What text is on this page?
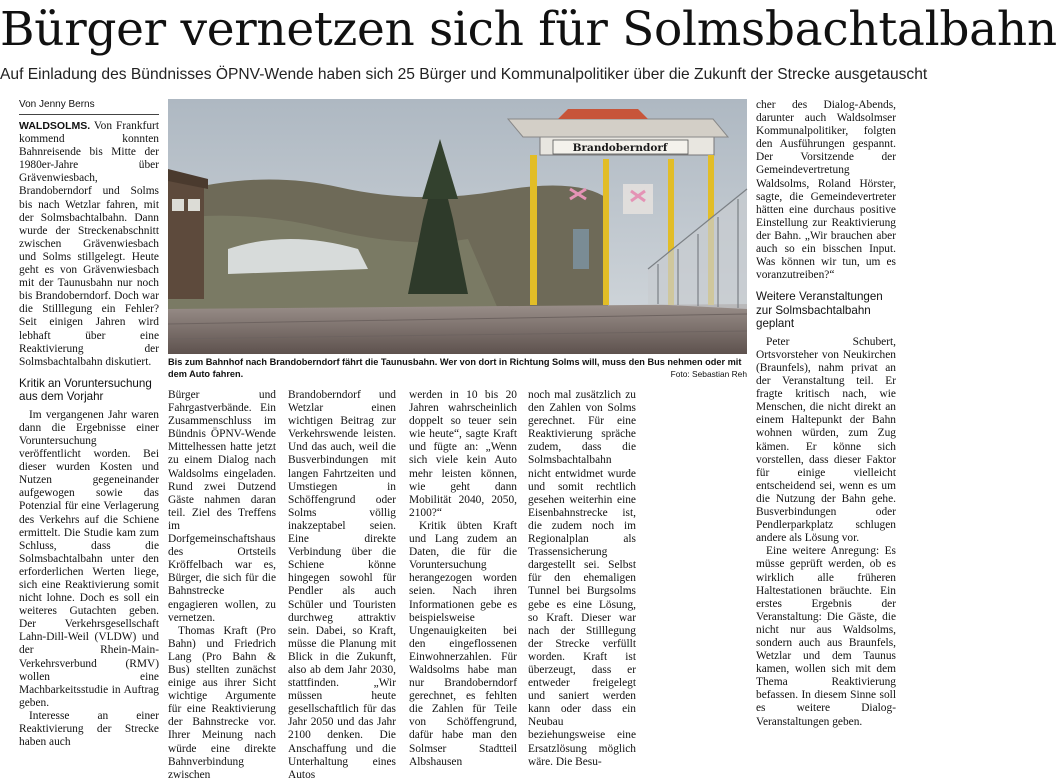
Bürger vernetzen sich für Solmsbachtalbahn
Auf Einladung des Bündnisses ÖPNV-Wende haben sich 25 Bürger und Kommunalpolitiker über die Zukunft der Strecke ausgetauscht
Von Jenny Berns

WALDSOLMS. Von Frankfurt kommend konnten Bahnreisende bis Mitte der 1980er-Jahre über Grävenwiesbach, Brandoberndorf und Solms bis nach Wetzlar fahren, mit der Solmsbachtalbahn. Dann wurde der Streckenabschnitt zwischen Grävenwiesbach und Solms stillgelegt. Heute geht es von Grävenwiesbach mit der Taunusbahn nur noch bis Brandoberndorf. Doch war die Stilllegung ein Fehler? Seit einigen Jahren wird lebhaft über eine Reaktivierung der Solmsbachtalbahn diskutiert.

Kritik an Voruntersuchung aus dem Vorjahr

Im vergangenen Jahr waren dann die Ergebnisse einer Voruntersuchung veröffentlicht worden. Bei dieser wurden Kosten und Nutzen gegeneinander aufgewogen sowie das Potenzial für eine Verlagerung des Verkehrs auf die Schiene ermittelt. Die Studie kam zum Schluss, dass die Solmsbachtalbahn unter den erforderlichen Werten liege, sich eine Reaktivierung somit nicht lohne. Doch es soll ein weiteres Gutachten geben. Der Verkehrsgesellschaft Lahn-Dill-Weil (VLDW) und der Rhein-Main-Verkehrsverbund (RMV) wollen eine Machbarkeitsstudie in Auftrag geben.

Interesse an einer Reaktivierung der Strecke haben auch

Brandoberndorf
Bis zum Bahnhof nach Brandoberndorf fährt die Taunusbahn. Wer von dort in Richtung Solms will, muss den Bus nehmen oder mit dem Auto fahren.	Foto: Sebastian Reh

Bürger und Fahrgastverbände. Ein Zusammenschluss im Bündnis ÖPNV-Wende Mittelhessen hatte jetzt zu einem Dialog nach Waldsolms eingeladen. Rund zwei Dutzend Gäste nahmen daran teil. Ziel des Treffens im Dorfgemeinschaftshaus des Ortsteils Kröffelbach war es, Bürger, die sich für die Bahnstrecke engagieren wollen, zu vernetzen.

Thomas Kraft (Pro Bahn) und Friedrich Lang (Pro Bahn & Bus) stellten zunächst einige aus ihrer Sicht wichtige Argumente für eine Reaktivierung der Bahnstrecke vor. Ihrer Meinung nach würde eine direkte Bahnverbindung zwischen

Brandoberndorf und Wetzlar einen wichtigen Beitrag zur Verkehrswende leisten. Und das auch, weil die Busverbindungen mit langen Fahrtzeiten und Umstiegen in Schöffengrund oder Solms völlig inakzeptabel seien. Eine direkte Verbindung über die Schiene könne hingegen sowohl für Pendler als auch Schüler und Touristen durchweg attraktiv sein. Dabei, so Kraft, müsse die Planung mit Blick in die Zukunft, also ab dem Jahr 2030, stattfinden. „Wir müssen heute gesellschaftlich für das Jahr 2050 und das Jahr 2100 denken. Die Anschaffung und die Unterhaltung eines Autos

werden in 10 bis 20 Jahren wahrscheinlich doppelt so teuer sein wie heute“, sagte Kraft und fügte an: „Wenn sich viele kein Auto mehr leisten können, wie geht dann Mobilität 2040, 2050, 2100?“

Kritik übten Kraft und Lang zudem an Daten, die für die Voruntersuchung herangezogen worden seien. Nach ihren Informationen gebe es beispielsweise Ungenauigkeiten bei den eingeflossenen Einwohnerzahlen. Für Waldsolms habe man nur Brandoberndorf gerechnet, es fehlten die Zahlen für Teile von Schöffengrund, dafür habe man den Solmser Stadtteil Albshausen

noch mal zusätzlich zu den Zahlen von Solms gerechnet. Für eine Reaktivierung spräche zudem, dass die Solmsbachtalbahn nicht entwidmet wurde und somit rechtlich gesehen weiterhin eine Eisenbahnstrecke ist, die zudem noch im Regionalplan als Trassensicherung dargestellt sei. Selbst für den ehemaligen Tunnel bei Burgsolms gebe es eine Lösung, so Kraft. Dieser war nach der Stilllegung der Strecke verfüllt worden. Kraft ist überzeugt, dass er entweder freigelegt und saniert werden kann oder dass ein Neubau beziehungsweise eine Ersatzlösung möglich wäre. Die Besu-

cher des Dialog-Abends, darunter auch Waldsolmser Kommunalpolitiker, folgten den Ausführungen gespannt. Der Vorsitzende der Gemeindevertretung Waldsolms, Roland Hörster, sagte, die Gemeindevertreter hätten eine durchaus positive Einstellung zur Reaktivierung der Bahn. „Wir brauchen aber auch so ein bisschen Input. Was können wir tun, um es voranzutreiben?“

Weitere Veranstaltungen zur Solmsbachtalbahn geplant

Peter Schubert, Ortsvorsteher von Neukirchen (Braunfels), nahm privat an der Veranstaltung teil. Er fragte kritisch nach, wie Menschen, die nicht direkt an einem Haltepunkt der Bahn wohnen würden, zum Zug kämen. Er könne sich vorstellen, dass dieser Faktor für einige vielleicht entscheidend sei, wenn es um die Nutzung der Bahn gehe. Busverbindungen oder Pendlerparkplatz schlugen andere als Lösung vor.

Eine weitere Anregung: Es müsse geprüft werden, ob es wirklich alle früheren Haltestationen bräuchte. Ein erstes Ergebnis der Veranstaltung: Die Gäste, die nicht nur aus Waldsolms, sondern auch aus Braunfels, Wetzlar und dem Taunus kamen, wollen sich mit dem Thema Reaktivierung befassen. In diesem Sinne soll es weitere Dialog-Veranstaltungen geben.
